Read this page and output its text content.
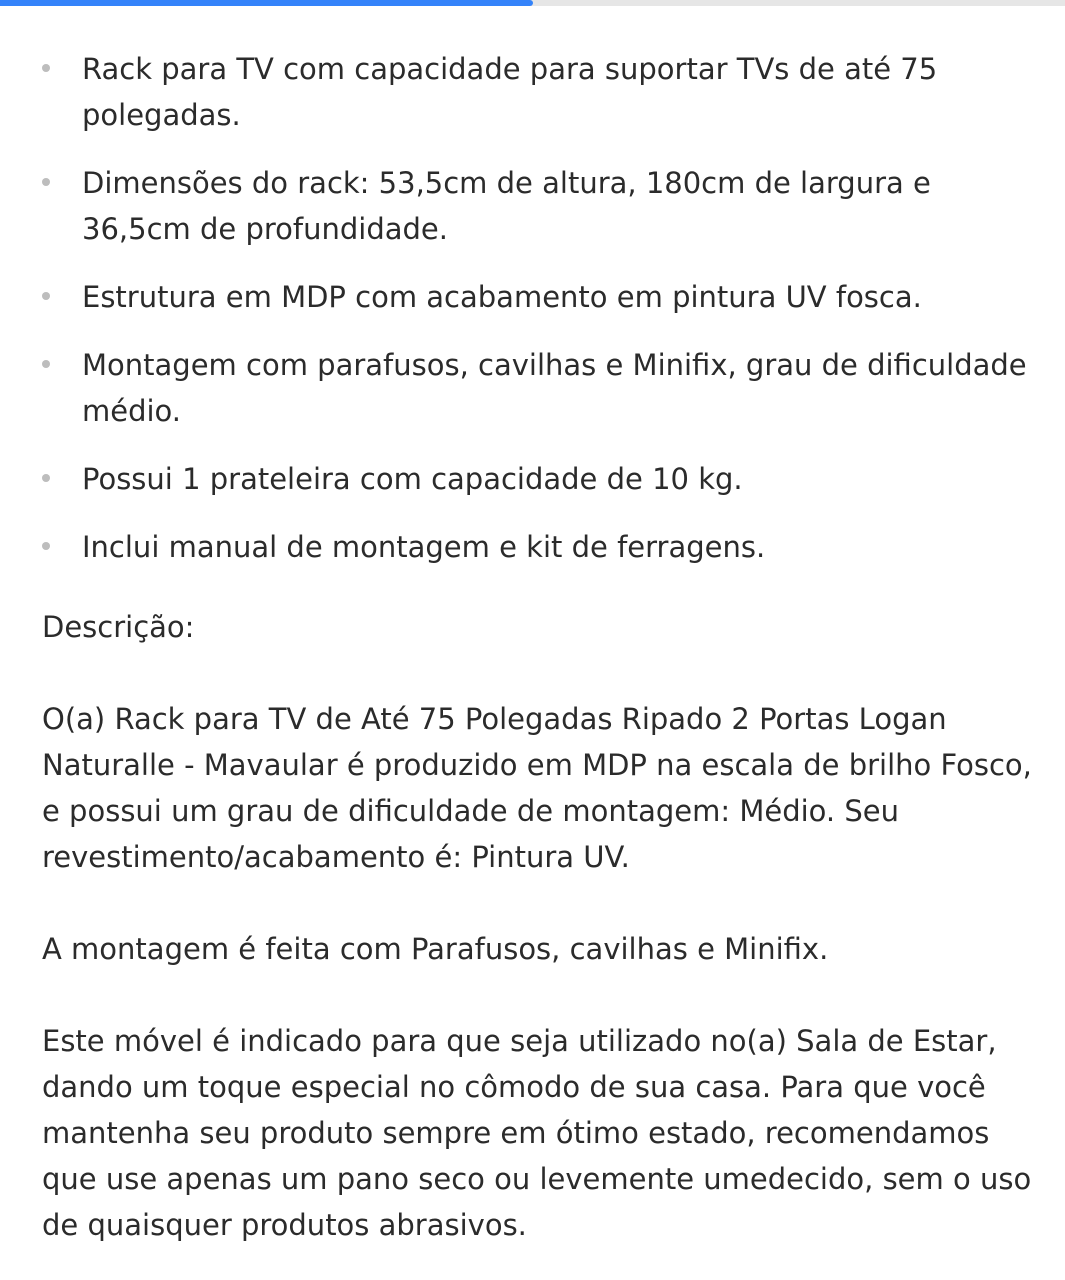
Rack para TV com capacidade para suportar TVs de até 75 polegadas.
Dimensões do rack: 53,5cm de altura, 180cm de largura e 36,5cm de profundidade.
Estrutura em MDP com acabamento em pintura UV fosca.
Montagem com parafusos, cavilhas e Minifix, grau de dificuldade médio.
Possui 1 prateleira com capacidade de 10 kg.
Inclui manual de montagem e kit de ferragens.

Descrição:

O(a) Rack para TV de Até 75 Polegadas Ripado 2 Portas Logan Naturalle - Mavaular é produzido em MDP na escala de brilho Fosco, e possui um grau de dificuldade de montagem: Médio. Seu revestimento/acabamento é: Pintura UV.

A montagem é feita com Parafusos, cavilhas e Minifix.

Este móvel é indicado para que seja utilizado no(a) Sala de Estar, dando um toque especial no cômodo de sua casa. Para que você mantenha seu produto sempre em ótimo estado, recomendamos que use apenas um pano seco ou levemente umedecido, sem o uso de quaisquer produtos abrasivos.
